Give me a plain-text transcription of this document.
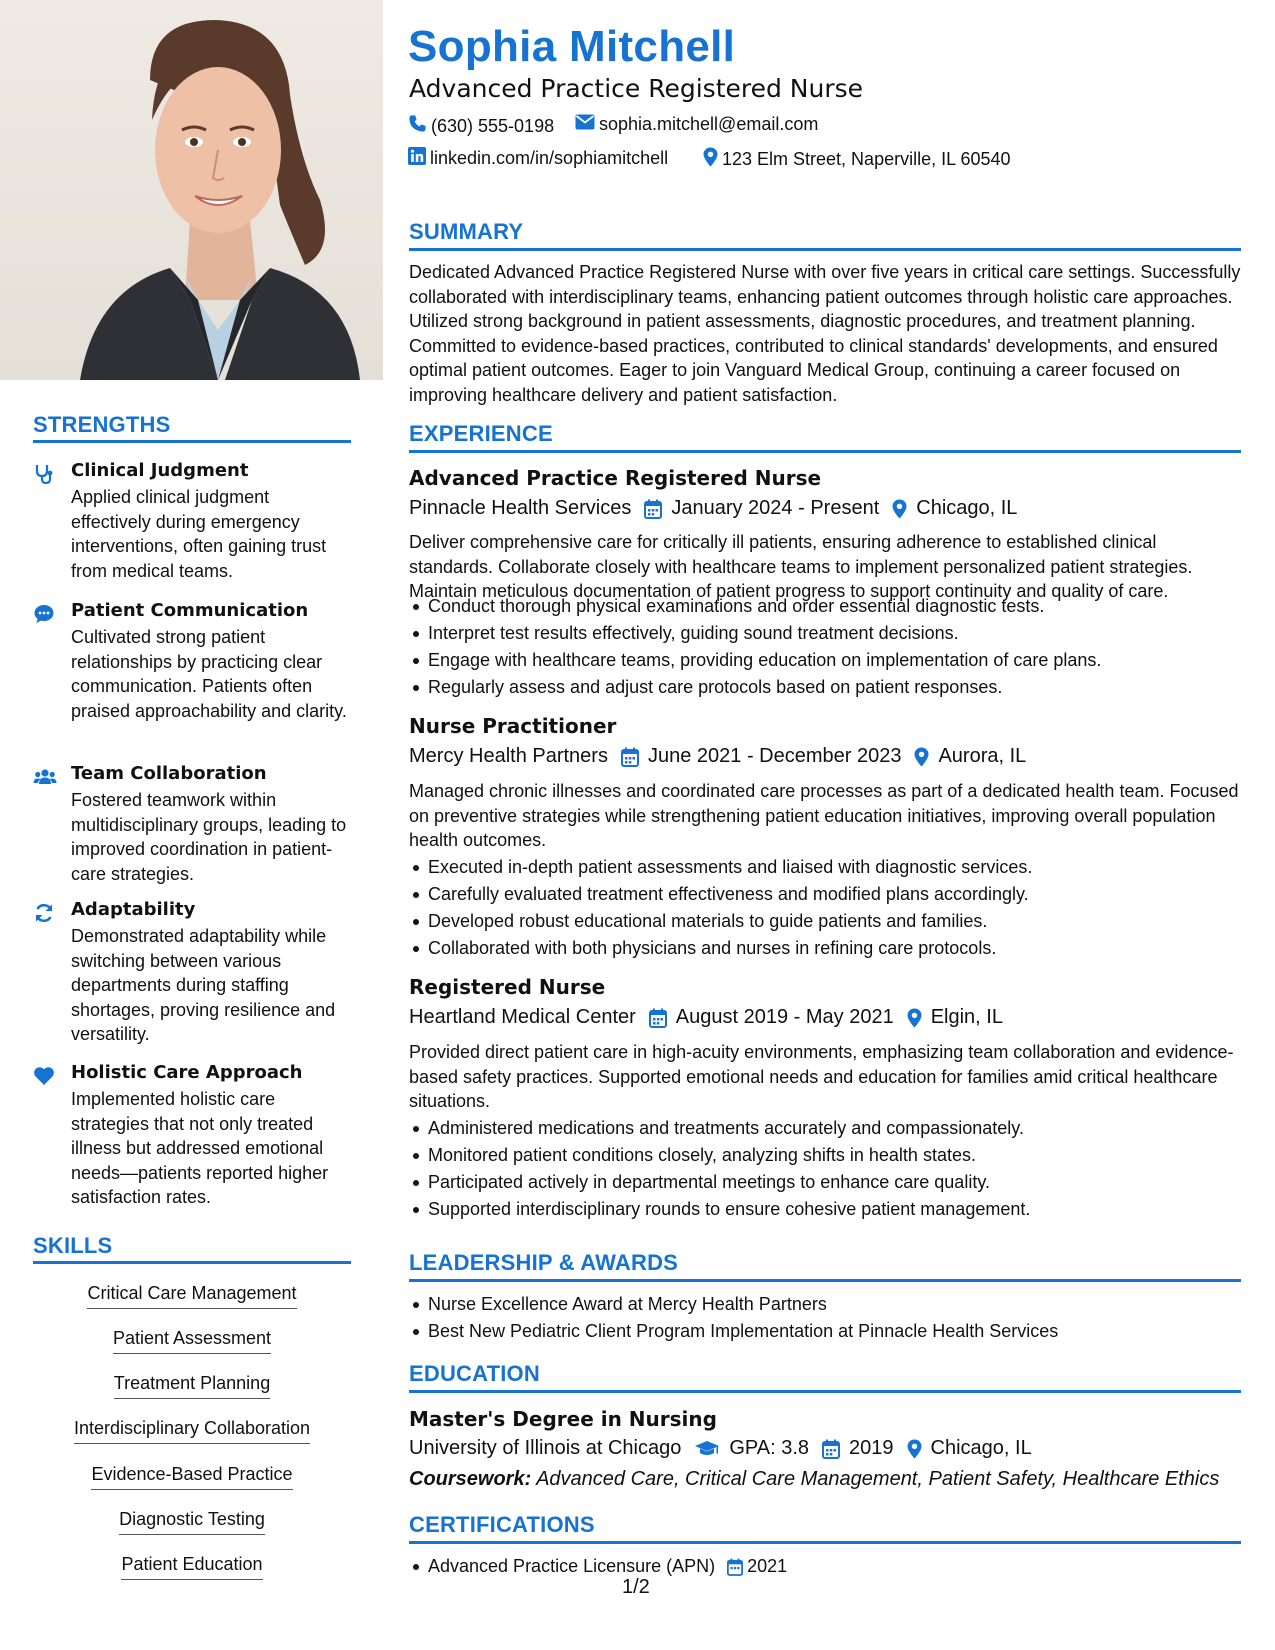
STRENGTHS
Clinical Judgment
Applied clinical judgment effectively during emergency interventions, often gaining trust from medical teams.
Patient Communication
Cultivated strong patient relationships by practicing clear communication. Patients often praised approachability and clarity.
Team Collaboration
Fostered teamwork within multidisciplinary groups, leading to improved coordination in patient-care strategies.
Adaptability
Demonstrated adaptability while switching between various departments during staffing shortages, proving resilience and versatility.
Holistic Care Approach
Implemented holistic care strategies that not only treated illness but addressed emotional needs—patients reported higher satisfaction rates.
SKILLS
Critical Care Management
Patient Assessment
Treatment Planning
Interdisciplinary Collaboration
Evidence-Based Practice
Diagnostic Testing
Patient Education
Sophia Mitchell
Advanced Practice Registered Nurse
(630) 555-0198 sophia.mitchell@email.com
linkedin.com/in/sophiamitchell	123 Elm Street, Naperville, IL 60540
SUMMARY
Dedicated Advanced Practice Registered Nurse with over five years in critical care settings. Successfully collaborated with interdisciplinary teams, enhancing patient outcomes through holistic care approaches. Utilized strong background in patient assessments, diagnostic procedures, and treatment planning. Committed to evidence-based practices, contributed to clinical standards' developments, and ensured optimal patient outcomes. Eager to join Vanguard Medical Group, continuing a career focused on improving healthcare delivery and patient satisfaction.
EXPERIENCE
Advanced Practice Registered Nurse
Pinnacle Health Services January 2024 - Present Chicago, IL
Deliver comprehensive care for critically ill patients, ensuring adherence to established clinical standards. Collaborate closely with healthcare teams to implement personalized patient strategies. Maintain meticulous documentation of patient progress to support continuity and quality of care.
Conduct thorough physical examinations and order essential diagnostic tests.
Interpret test results effectively, guiding sound treatment decisions.
Engage with healthcare teams, providing education on implementation of care plans.
Regularly assess and adjust care protocols based on patient responses.
Nurse Practitioner
Mercy Health Partners June 2021 - December 2023 Aurora, IL
Managed chronic illnesses and coordinated care processes as part of a dedicated health team. Focused on preventive strategies while strengthening patient education initiatives, improving overall population health outcomes.
Executed in-depth patient assessments and liaised with diagnostic services.
Carefully evaluated treatment effectiveness and modified plans accordingly.
Developed robust educational materials to guide patients and families.
Collaborated with both physicians and nurses in refining care protocols.
Registered Nurse
Heartland Medical Center August 2019 - May 2021 Elgin, IL
Provided direct patient care in high-acuity environments, emphasizing team collaboration and evidence-based safety practices. Supported emotional needs and education for families amid critical healthcare situations.
Administered medications and treatments accurately and compassionately.
Monitored patient conditions closely, analyzing shifts in health states.
Participated actively in departmental meetings to enhance care quality.
Supported interdisciplinary rounds to ensure cohesive patient management.
LEADERSHIP & AWARDS
Nurse Excellence Award at Mercy Health Partners
Best New Pediatric Client Program Implementation at Pinnacle Health Services
EDUCATION
Master's Degree in Nursing
University of Illinois at Chicago GPA: 3.8 2019 Chicago, IL
Coursework: Advanced Care, Critical Care Management, Patient Safety, Healthcare Ethics
CERTIFICATIONS
Advanced Practice Licensure (APN) 2021
1/2
